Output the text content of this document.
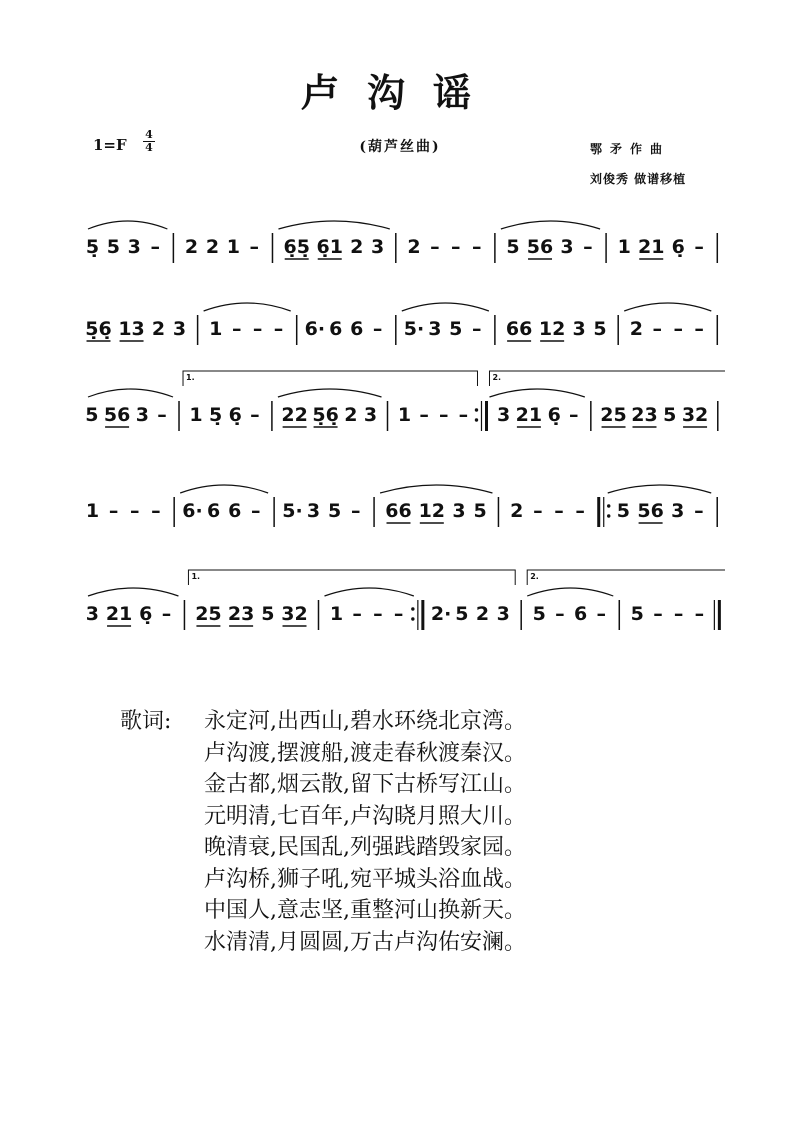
卢沟谣
1=F
4
4	(葫芦丝曲)	鄂矛作曲
刘俊秀 做谱移植
5̣ 5 3 – 2 2 1 – 6̣5̣ 6̣1 2 3 2 – – – 5 56 3 – 1 21 6̣ –
5̣6̣ 13 2 3 1 – – – 6· 6 6 – 5· 3 5 – 66 12 3 5 2 – – –
5 56 3 – 1 5̣ 6̣ – 22 5̣6̣ 2 3 1 – – – 3 21 6̣ – 25 23 5 32
1.	2.
1 – – – 6· 6 6 – 5· 3 5 – 66 12 3 5 2 – – – 5 56 3 –
3 21 6̣ – 25 23 5 32 1 – – – 2· 5 2 3 5 – 6 – 5 – – –
1.	2.
歌词:	永定河,出西山,碧水环绕北京湾。
卢沟渡,摆渡船,渡走春秋渡秦汉。
金古都,烟云散,留下古桥写江山。
元明清,七百年,卢沟晓月照大川。
晚清衰,民国乱,列强践踏毁家园。
卢沟桥,狮子吼,宛平城头浴血战。
中国人,意志坚,重整河山换新天。
水清清,月圆圆,万古卢沟佑安澜。
